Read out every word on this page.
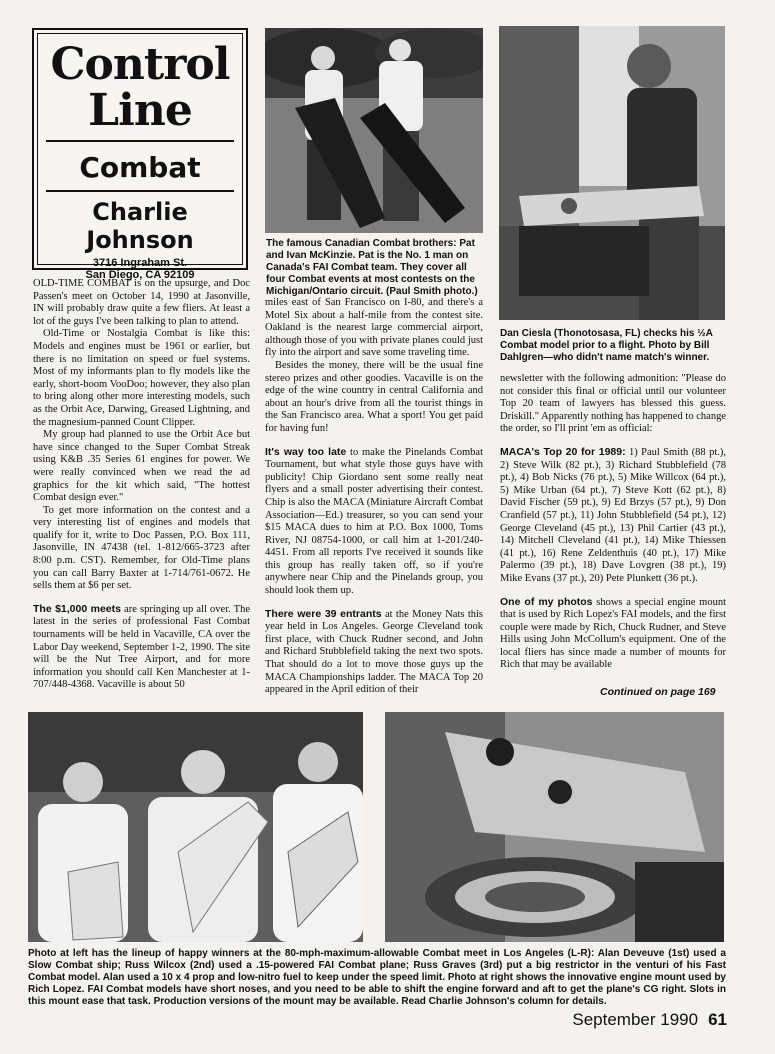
Control
Line
Combat
Charlie Johnson
3716 Ingraham St.
San Diego, CA 92109
The famous Canadian Combat brothers: Pat and Ivan McKinzie. Pat is the No. 1 man on Canada's FAI Combat team. They cover all four Combat events at most contests on the Michigan/Ontario circuit. (Paul Smith photo.)
Dan Ciesla (Thonotosasa, FL) checks his ½A Combat model prior to a flight. Photo by Bill Dahlgren—who didn't name match's winner.

OLD-TIME COMBAT is on the upsurge, and Doc Passen's meet on October 14, 1990 at Jasonville, IN will probably draw quite a few fliers. At least a lot of the guys I've been talking to plan to attend.

Old-Time or Nostalgia Combat is like this: Models and engines must be 1961 or earlier, but there is no limitation on speed or fuel systems. Most of my informants plan to fly models like the early, short-boom VooDoo; however, they also plan to bring along other more interesting models, such as the Orbit Ace, Darwing, Greased Lightning, and the magnesium-panned Count Clipper.

My group had planned to use the Orbit Ace but have since changed to the Super Combat Streak using K&B .35 Series 61 engines for power. We were really convinced when we read the ad graphics for the kit which said, "The hottest Combat design ever."

To get more information on the contest and a very interesting list of engines and models that qualify for it, write to Doc Passen, P.O. Box 111, Jasonville, IN 47438 (tel. 1-812/665-3723 after 8:00 p.m. CST). Remember, for Old-Time plans you can call Barry Baxter at 1-714/761-0672. He sells them at $6 per set.

The $1,000 meets are springing up all over. The latest in the series of professional Fast Combat tournaments will be held in Vacaville, CA over the Labor Day weekend, September 1-2, 1990. The site will be the Nut Tree Airport, and for more information you should call Ken Manchester at 1-707/448-4368. Vacaville is about 50

miles east of San Francisco on I-80, and there's a Motel Six about a half-mile from the contest site. Oakland is the nearest large commercial airport, although those of you with private planes could just fly into the airport and save some traveling time.

Besides the money, there will be the usual fine stereo prizes and other goodies. Vacaville is on the edge of the wine country in central California and about an hour's drive from all the tourist things in the San Francisco area. What a sport! You get paid for having fun!

It's way too late to make the Pinelands Combat Tournament, but what style those guys have with publicity! Chip Giordano sent some really neat flyers and a small poster advertising their contest. Chip is also the MACA (Miniature Aircraft Combat Association—Ed.) treasurer, so you can send your $15 MACA dues to him at P.O. Box 1000, Toms River, NJ 08754-1000, or call him at 1-201/240-4451. From all reports I've received it sounds like this group has really taken off, so if you're anywhere near Chip and the Pinelands group, you should look them up.

There were 39 entrants at the Money Nats this year held in Los Angeles. George Cleveland took first place, with Chuck Rudner second, and John and Richard Stubblefield taking the next two spots. That should do a lot to move those guys up the MACA Championships ladder. The MACA Top 20 appeared in the April edition of their

newsletter with the following admonition: "Please do not consider this final or official until our volunteer Top 20 team of lawyers has blessed this guess. Driskill." Apparently nothing has happened to change the order, so I'll print 'em as official:

MACA's Top 20 for 1989: 1) Paul Smith (88 pt.), 2) Steve Wilk (82 pt.), 3) Richard Stubblefield (78 pt.), 4) Bob Nicks (76 pt.), 5) Mike Willcox (64 pt.), 5) Mike Urban (64 pt.), 7) Steve Kott (62 pt.), 8) David Fischer (59 pt.), 9) Ed Brzys (57 pt.), 9) Don Cranfield (57 pt.), 11) John Stubblefield (54 pt.), 12) George Cleveland (45 pt.), 13) Phil Cartier (43 pt.), 14) Mitchell Cleveland (41 pt.), 14) Mike Thiessen (41 pt.), 16) Rene Zeldenthuis (40 pt.), 17) Mike Palermo (39 pt.), 18) Dave Lovgren (38 pt.), 19) Mike Evans (37 pt.), 20) Pete Plunkett (36 pt.).

One of my photos shows a special engine mount that is used by Rich Lopez's FAI models, and the first couple were made by Rich, Chuck Rudner, and Steve Hills using John McCollum's equipment. One of the local fliers has since made a number of mounts for Rich that may be available

Continued on page 169
Photo at left has the lineup of happy winners at the 80-mph-maximum-allowable Combat meet in Los Angeles (L-R): Alan Deveuve (1st) used a Slow Combat ship; Russ Wilcox (2nd) used a .15-powered FAI Combat plane; Russ Graves (3rd) put a big restrictor in the venturi of his Fast Combat model. Alan used a 10 x 4 prop and low-nitro fuel to keep under the speed limit. Photo at right shows the innovative engine mount used by Rich Lopez. FAI Combat models have short noses, and you need to be able to shift the engine forward and aft to get the plane's CG right. Slots in this mount ease that task. Production versions of the mount may be available. Read Charlie Johnson's column for details.
September 1990 61
